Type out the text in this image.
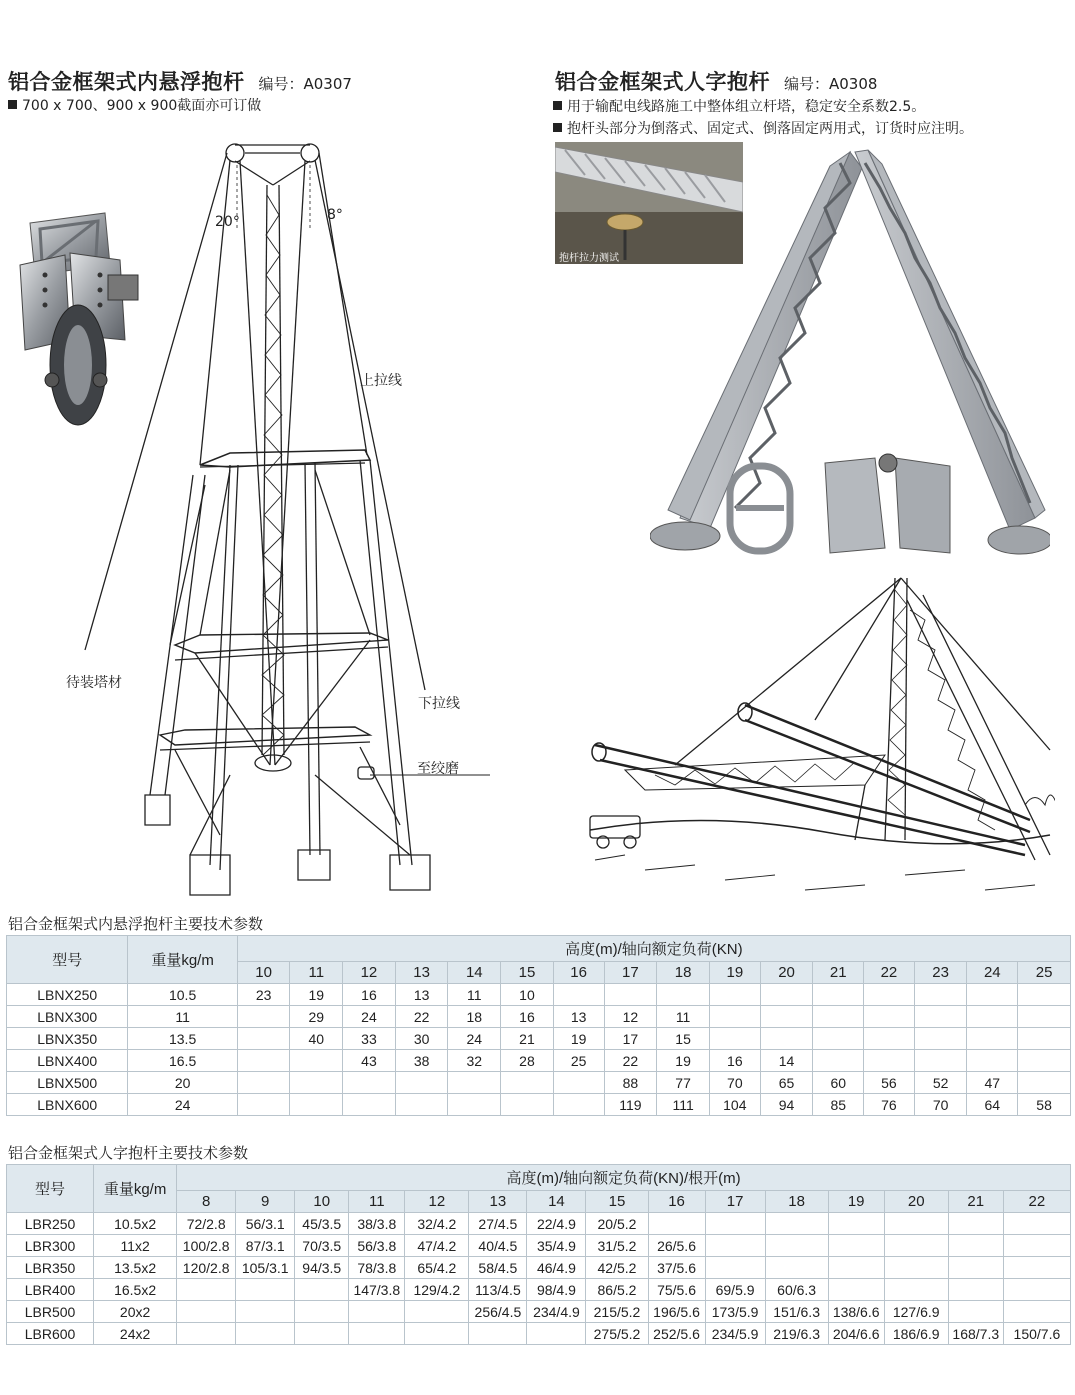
铝合金框架式内悬浮抱杆 编号：A0307
700 x 700、900 x 900截面亦可订做
铝合金框架式人字抱杆 编号：A0308
用于输配电线路施工中整体组立杆塔，稳定安全系数2.5。
抱杆头部分为倒落式、固定式、倒落固定两用式，订货时应注明。
20°	8°
上拉线
待装塔材
下拉线
至绞磨
抱杆拉力测试
铝合金框架式内悬浮抱杆主要技术参数
型号	重量kg/m	高度(m)/轴向额定负荷(KN)															
		10	11	12	13	14	15	16	17	18	19	20	21	22	23	24	25
LBNX250	10.5	23	19	16	13	11	10										
LBNX300	11		29	24	22	18	16	13	12	11							
LBNX350	13.5		40	33	30	24	21	19	17	15							
LBNX400	16.5			43	38	32	28	25	22	19	16	14					
LBNX500	20								88	77	70	65	60	56	52	47	
LBNX600	24								119	111	104	94	85	76	70	64	58
铝合金框架式人字抱杆主要技术参数
型号	重量kg/m	高度(m)/轴向额定负荷(KN)/根开(m)														
		8	9	10	11	12	13	14	15	16	17	18	19	20	21	22
LBR250	10.5x2	72/2.8	56/3.1	45/3.5	38/3.8	32/4.2	27/4.5	22/4.9	20/5.2							
LBR300	11x2	100/2.8	87/3.1	70/3.5	56/3.8	47/4.2	40/4.5	35/4.9	31/5.2	26/5.6						
LBR350	13.5x2	120/2.8	105/3.1	94/3.5	78/3.8	65/4.2	58/4.5	46/4.9	42/5.2	37/5.6						
LBR400	16.5x2				147/3.8	129/4.2	113/4.5	98/4.9	86/5.2	75/5.6	69/5.9	60/6.3				
LBR500	20x2						256/4.5	234/4.9	215/5.2	196/5.6	173/5.9	151/6.3	138/6.6	127/6.9		
LBR600	24x2								275/5.2	252/5.6	234/5.9	219/6.3	204/6.6	186/6.9	168/7.3	150/7.6
